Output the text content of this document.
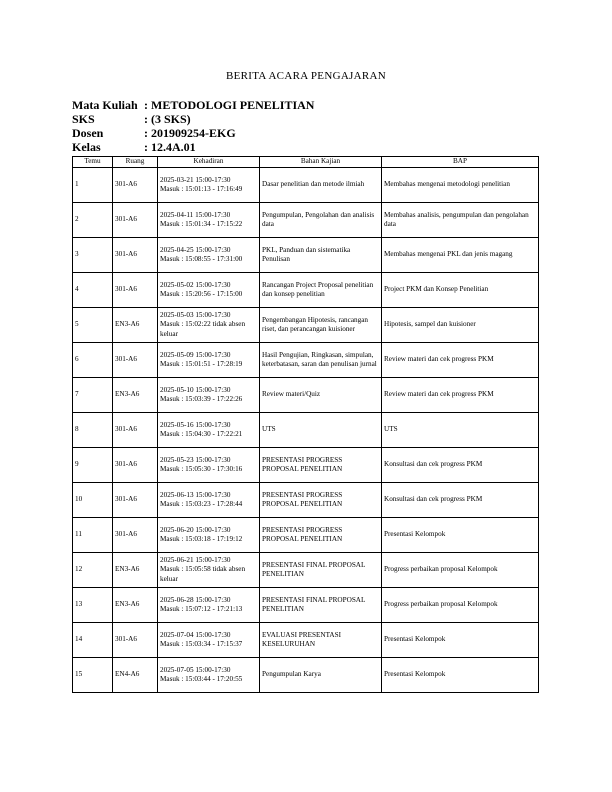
BERITA ACARA PENGAJARAN
Mata Kuliah : METODOLOGI PENELITIAN
SKS	: (3 SKS)
Dosen	: 201909254-EKG
Kelas	: 12.4A.01
Temu	Ruang	Kehadiran	Bahan Kajian	BAP
1	301-A6	2025-03-21 15:00-17:30
Masuk : 15:01:13 - 17:16:49	Dasar penelitian dan metode ilmiah	Membahas mengenai metodologi penelitian
2	301-A6	2025-04-11 15:00-17:30
Masuk : 15:01:34 - 17:15:22	Pengumpulan, Pengolahan dan analisis data	Membahas analisis, pengumpulan dan pengolahan data
3	301-A6	2025-04-25 15:00-17:30
Masuk : 15:08:55 - 17:31:00	PKL, Panduan dan sistematika Penulisan	Membahas mengenai PKL dan jenis magang
4	301-A6	2025-05-02 15:00-17:30
Masuk : 15:20:56 - 17:15:00	Rancangan Project Proposal penelitian dan konsep penelitian	Project PKM dan Konsep Penelitian
5	EN3-A6	2025-05-03 15:00-17:30
Masuk : 15:02:22 tidak absen keluar	Pengembangan Hipotesis, rancangan riset, dan perancangan kuisioner	Hipotesis, sampel dan kuisioner
6	301-A6	2025-05-09 15:00-17:30
Masuk : 15:01:51 - 17:28:19	Hasil Pengujian, Ringkasan, simpulan, keterbatasan, saran dan penulisan jurnal	Review materi dan cek progress PKM
7	EN3-A6	2025-05-10 15:00-17:30
Masuk : 15:03:39 - 17:22:26	Review materi/Quiz	Review materi dan cek progress PKM
8	301-A6	2025-05-16 15:00-17:30
Masuk : 15:04:30 - 17:22:21	UTS	UTS
9	301-A6	2025-05-23 15:00-17:30
Masuk : 15:05:30 - 17:30:16	PRESENTASI PROGRESS PROPOSAL PENELITIAN	Konsultasi dan cek progress PKM
10	301-A6	2025-06-13 15:00-17:30
Masuk : 15:03:23 - 17:28:44	PRESENTASI PROGRESS PROPOSAL PENELITIAN	Konsultasi dan cek progress PKM
11	301-A6	2025-06-20 15:00-17:30
Masuk : 15:03:18 - 17:19:12	PRESENTASI PROGRESS PROPOSAL PENELITIAN	Presentasi Kelompok
12	EN3-A6	2025-06-21 15:00-17:30
Masuk : 15:05:58 tidak absen keluar	PRESENTASI FINAL PROPOSAL PENELITIAN	Progress perbaikan proposal Kelompok
13	EN3-A6	2025-06-28 15:00-17:30
Masuk : 15:07:12 - 17:21:13	PRESENTASI FINAL PROPOSAL PENELITIAN	Progress perbaikan proposal Kelompok
14	301-A6	2025-07-04 15:00-17:30
Masuk : 15:03:34 - 17:15:37	EVALUASI PRESENTASI KESELURUHAN	Presentasi Kelompok
15	EN4-A6	2025-07-05 15:00-17:30
Masuk : 15:03:44 - 17:20:55	Pengumpulan Karya	Presentasi Kelompok
